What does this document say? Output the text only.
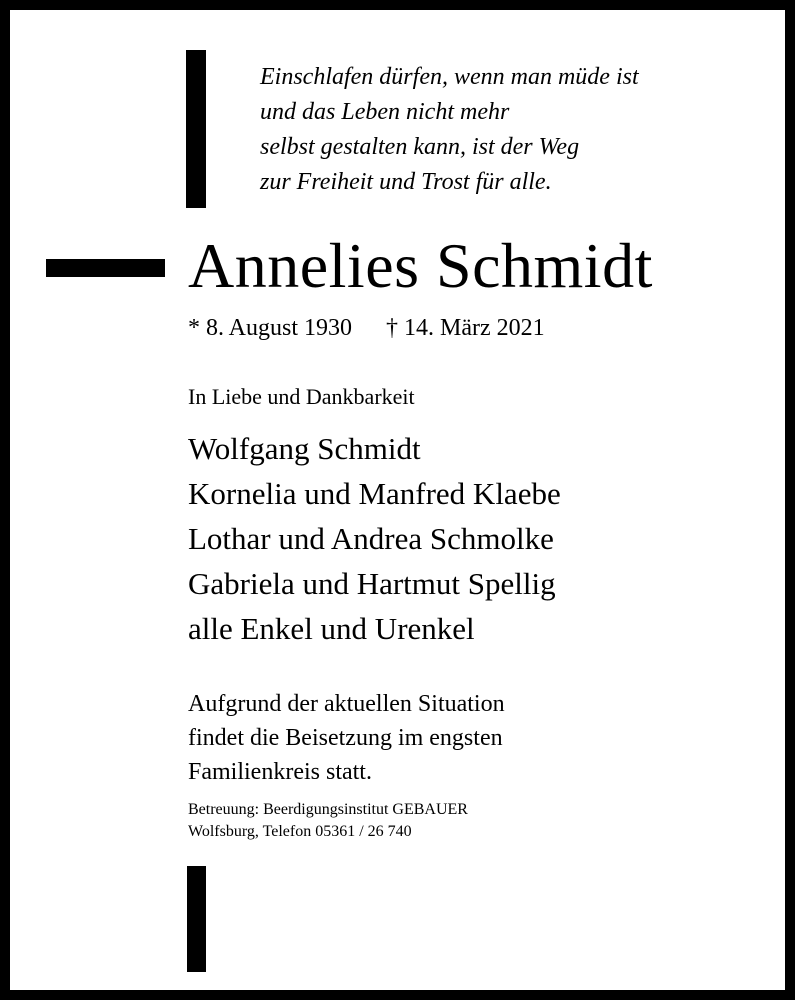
Einschlafen dürfen, wenn man müde ist
und das Leben nicht mehr
selbst gestalten kann, ist der Weg
zur Freiheit und Trost für alle.
Annelies Schmidt
* 8. August 1930 † 14. März 2021
In Liebe und Dankbarkeit
Wolfgang Schmidt
Kornelia und Manfred Klaebe
Lothar und Andrea Schmolke
Gabriela und Hartmut Spellig
alle Enkel und Urenkel
Aufgrund der aktuellen Situation
findet die Beisetzung im engsten
Familienkreis statt.
Betreuung: Beerdigungsinstitut GEBAUER
Wolfsburg, Telefon 05361 / 26 740
